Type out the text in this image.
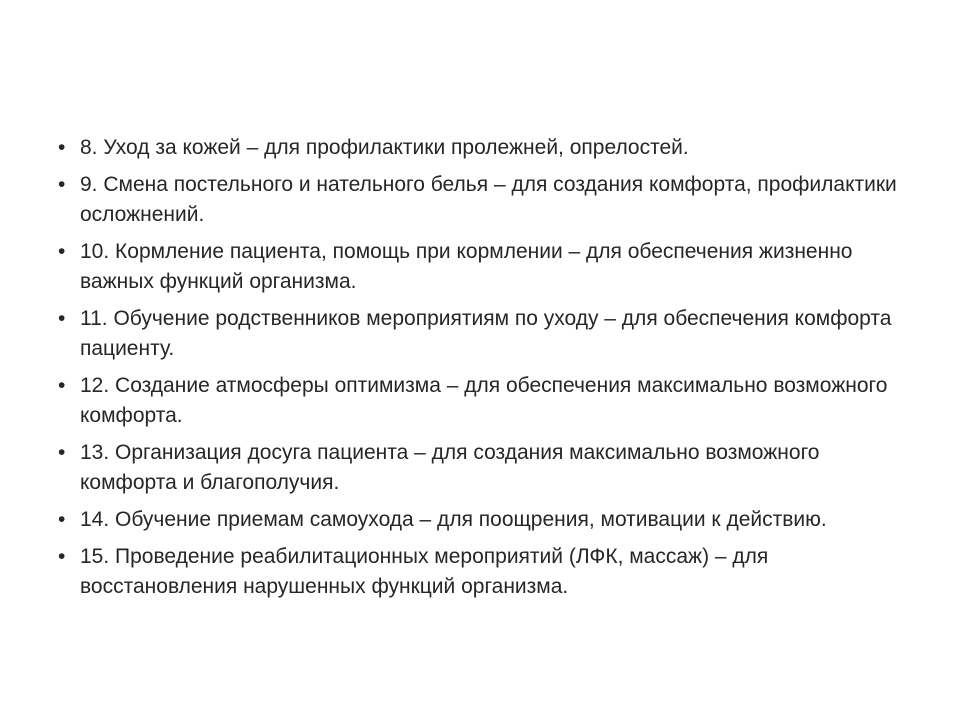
• 8. Уход за кожей – для профилактики пролежней, опрелостей.
• 9. Смена постельного и нательного белья – для создания комфорта, профилактики осложнений.
• 10. Кормление пациента, помощь при кормлении – для обеспечения жизненно важных функций организма.
• 11. Обучение родственников мероприятиям по уходу – для обеспечения комфорта пациенту.
• 12. Создание атмосферы оптимизма – для обеспечения максимально возможного комфорта.
• 13. Организация досуга пациента – для создания максимально возможного комфорта и благополучия.
• 14. Обучение приемам самоухода – для поощрения, мотивации к действию.
• 15. Проведение реабилитационных мероприятий (ЛФК, массаж) – для восстановления нарушенных функций организма.
